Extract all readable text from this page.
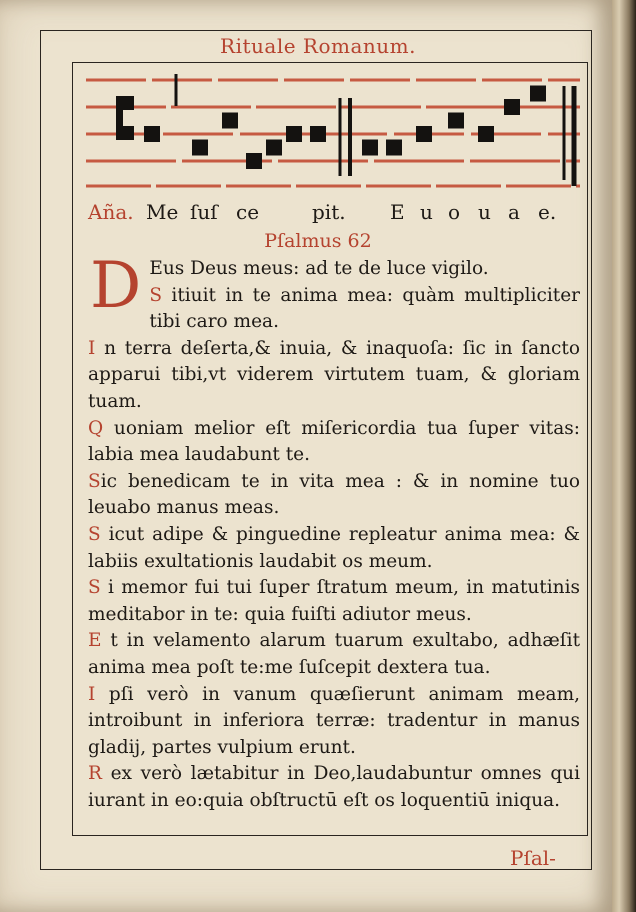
Rituale Romanum.
Aña. Me ſuſ ce	pit. E u o u a e.
Pſalmus 62
D Eus Deus meus: ad te de luce vigilo.

S itiuit in te anima mea: quàm multipliciter tibi caro mea.

I n terra deſerta,& inuia, & inaquoſa: ſic in ſancto apparui tibi,vt viderem virtutem tuam, & gloriam tuam.

Q uoniam melior eſt miſericordia tua ſuper vitas: labia mea laudabunt te.

Sic benedicam te in vita mea : & in nomine tuo leuabo manus meas.

S icut adipe & pinguedine repleatur anima mea: & labiis exultationis laudabit os meum.

S i memor fui tui ſuper ſtratum meum, in matutinis meditabor in te: quia fuiſti adiutor meus.

E t in velamento alarum tuarum exultabo, adhæſit anima mea poſt te:me ſuſcepit dextera tua.

I pſi verò in vanum quæſierunt animam meam, introibunt in inferiora terræ: tradentur in manus gladij, partes vulpium erunt.

R ex verò lætabitur in Deo,laudabuntur omnes qui iurant in eo:quia obſtructū eſt os loquentiū iniqua.

Pſal-
